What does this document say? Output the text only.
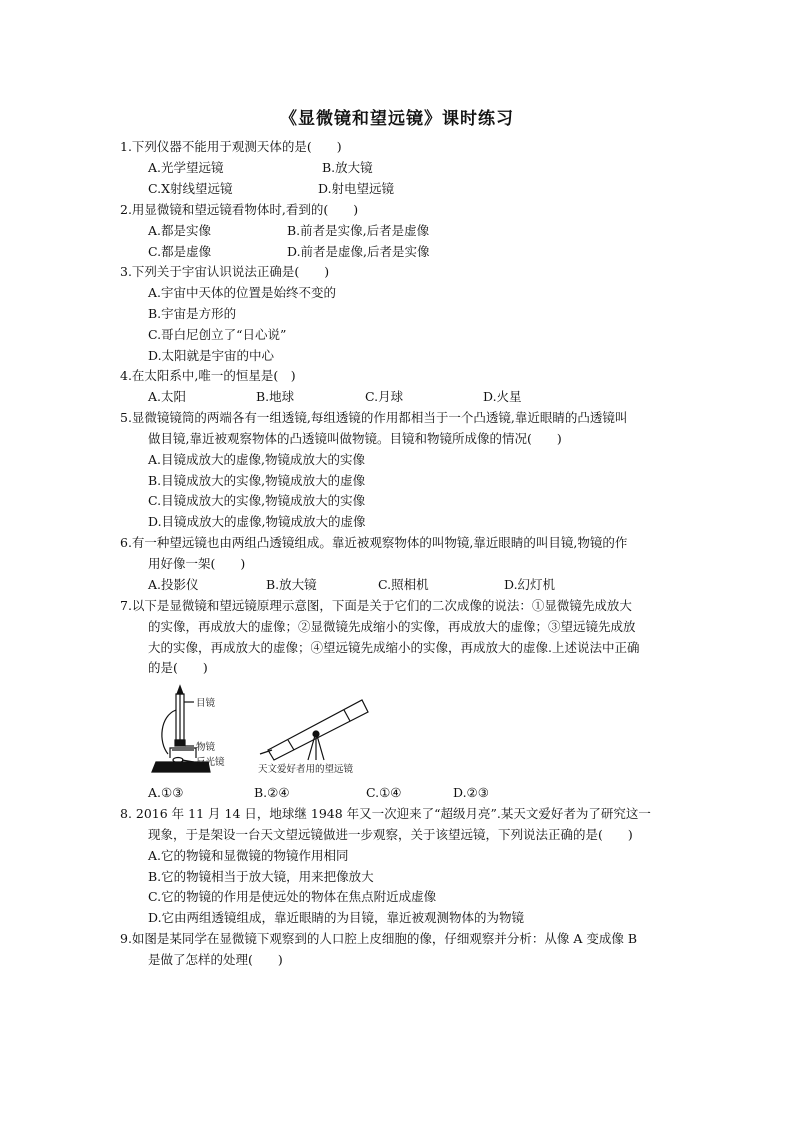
《显微镜和望远镜》课时练习
1.下列仪器不能用于观测天体的是(　　)
A.光学望远镜	B.放大镜
C.X射线望远镜	D.射电望远镜
2.用显微镜和望远镜看物体时,看到的(　　)
A.都是实像	B.前者是实像,后者是虚像
C.都是虚像	D.前者是虚像,后者是实像
3.下列关于宇宙认识说法正确是(　　)
A.宇宙中天体的位置是始终不变的
B.宇宙是方形的
C.哥白尼创立了“日心说”
D.太阳就是宇宙的中心
4.在太阳系中,唯一的恒星是(　)
A.太阳	B.地球	C.月球	D.火星
5.显微镜镜筒的两端各有一组透镜,每组透镜的作用都相当于一个凸透镜,靠近眼睛的凸透镜叫
做目镜,靠近被观察物体的凸透镜叫做物镜。目镜和物镜所成像的情况(　　)
A.目镜成放大的虚像,物镜成放大的实像
B.目镜成放大的实像,物镜成放大的虚像
C.目镜成放大的实像,物镜成放大的实像
D.目镜成放大的虚像,物镜成放大的虚像
6.有一种望远镜也由两组凸透镜组成。靠近被观察物体的叫物镜,靠近眼睛的叫目镜,物镜的作
用好像一架(　　)
A.投影仪	B.放大镜	C.照相机	D.幻灯机
7.以下是显微镜和望远镜原理示意图，下面是关于它们的二次成像的说法：①显微镜先成放大
的实像，再成放大的虚像；②显微镜先成缩小的实像，再成放大的虚像；③望远镜先成放
大的实像，再成放大的虚像；④望远镜先成缩小的实像，再成放大的虚像.上述说法中正确
的是(　　)
目镜
物镜
反光镜
天文爱好者用的望远镜
A.①③	B.②④	C.①④	D.②③
8. 2016 年 11 月 14 日，地球继 1948 年又一次迎来了“超级月亮”.某天文爱好者为了研究这一
现象，于是架设一台天文望远镜做进一步观察，关于该望远镜，下列说法正确的是(　　)
A.它的物镜和显微镜的物镜作用相同
B.它的物镜相当于放大镜，用来把像放大
C.它的物镜的作用是使远处的物体在焦点附近成虚像
D.它由两组透镜组成，靠近眼睛的为目镜，靠近被观测物体的为物镜
9.如图是某同学在显微镜下观察到的人口腔上皮细胞的像，仔细观察并分析：从像 A 变成像 B
是做了怎样的处理(　　)
